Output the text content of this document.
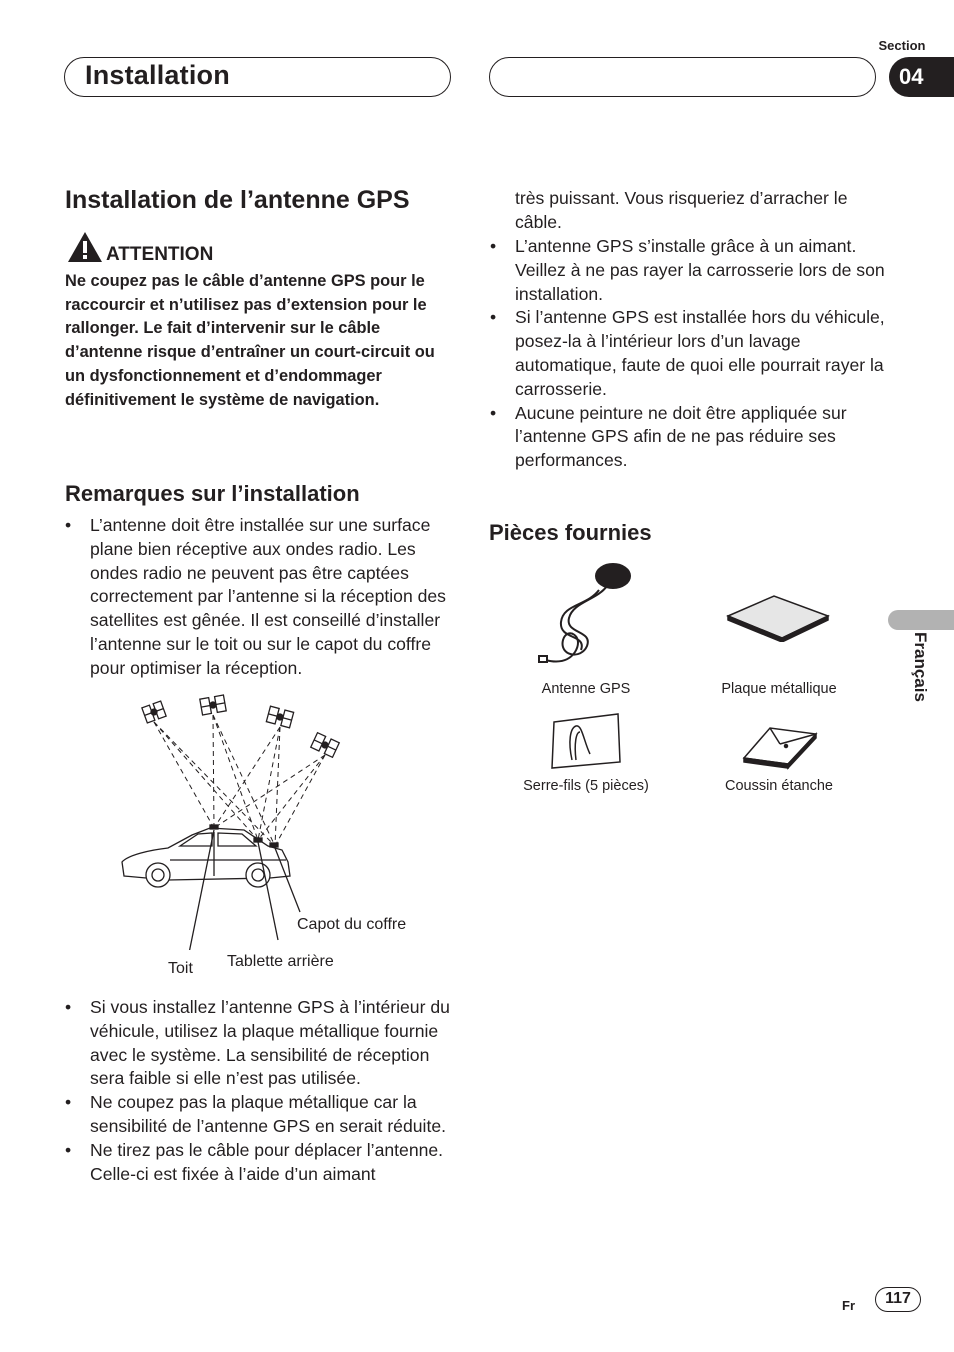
Installation
Section
04
Français
Installation de l’antenne GPS
ATTENTION

Ne coupez pas le câble d’antenne GPS pour le raccourcir et n’utilisez pas d’extension pour le rallonger. Le fait d’intervenir sur le câble d’antenne risque d’entraîner un court-circuit ou un dysfonctionnement et d’endommager définitivement le système de navigation.

Remarques sur l’installation
• L’antenne doit être installée sur une surface plane bien réceptive aux ondes radio. Les ondes radio ne peuvent pas être captées correctement par l’antenne si la réception des satellites est gênée. Il est conseillé d’installer l’antenne sur le toit ou sur le capot du coffre pour optimiser la réception.
Capot du coffre
Tablette arrière
Toit
• Si vous installez l’antenne GPS à l’intérieur du véhicule, utilisez la plaque métallique fournie avec le système. La sensibilité de réception sera faible si elle n’est pas utilisée.
• Ne coupez pas la plaque métallique car la sensibilité de l’antenne GPS en serait réduite.
• Ne tirez pas le câble pour déplacer l’antenne. Celle-ci est fixée à l’aide d’un aimant
très puissant. Vous risqueriez d’arracher le câble.
• L’antenne GPS s’installe grâce à un aimant. Veillez à ne pas rayer la carrosserie lors de son installation.
• Si l’antenne GPS est installée hors du véhicule, posez-la à l’intérieur lors d’un lavage automatique, faute de quoi elle pourrait rayer la carrosserie.
• Aucune peinture ne doit être appliquée sur l’antenne GPS afin de ne pas réduire ses performances.
Pièces fournies
Antenne GPS	Plaque métallique
Serre-fils (5 pièces)	Coussin étanche
Fr	117
